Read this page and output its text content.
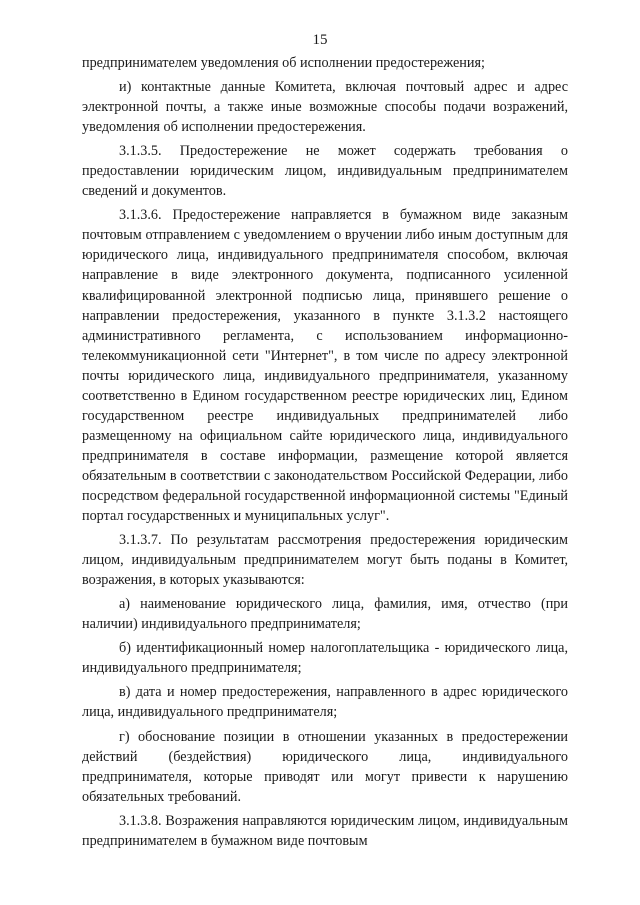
15

предпринимателем уведомления об исполнении предостережения;

и) контактные данные Комитета, включая почтовый адрес и адрес электронной почты, а также иные возможные способы подачи возражений, уведомления об исполнении предостережения.

3.1.3.5. Предостережение не может содержать требования о предоставлении юридическим лицом, индивидуальным предпринимателем сведений и документов.

3.1.3.6. Предостережение направляется в бумажном виде заказным почтовым отправлением с уведомлением о вручении либо иным доступным для юридического лица, индивидуального предпринимателя способом, включая направление в виде электронного документа, подписанного усиленной квалифицированной электронной подписью лица, принявшего решение о направлении предостережения, указанного в пункте 3.1.3.2 настоящего административного регламента, с использованием информационно-телекоммуникационной сети "Интернет", в том числе по адресу электронной почты юридического лица, индивидуального предпринимателя, указанному соответственно в Едином государственном реестре юридических лиц, Едином государственном реестре индивидуальных предпринимателей либо размещенному на официальном сайте юридического лица, индивидуального предпринимателя в составе информации, размещение которой является обязательным в соответствии с законодательством Российской Федерации, либо посредством федеральной государственной информационной системы "Единый портал государственных и муниципальных услуг".

3.1.3.7. По результатам рассмотрения предостережения юридическим лицом, индивидуальным предпринимателем могут быть поданы в Комитет, возражения, в которых указываются:

а) наименование юридического лица, фамилия, имя, отчество (при наличии) индивидуального предпринимателя;

б) идентификационный номер налогоплательщика - юридического лица, индивидуального предпринимателя;

в) дата и номер предостережения, направленного в адрес юридического лица, индивидуального предпринимателя;

г) обоснование позиции в отношении указанных в предостережении действий (бездействия) юридического лица, индивидуального предпринимателя, которые приводят или могут привести к нарушению обязательных требований.

3.1.3.8. Возражения направляются юридическим лицом, индивидуальным предпринимателем в бумажном виде почтовым
